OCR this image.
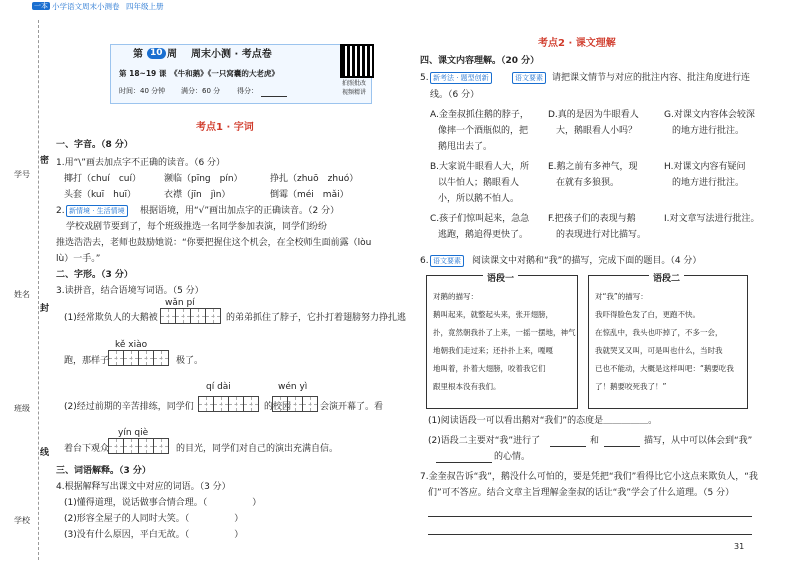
一本 小学语文周末小测卷 四年级上册
密
学号
姓名
封
班级
线
学校
第 10 周 周末小测 · 考点卷
第 18~19 课　《牛和鹅》《一只窝囊的大老虎》
时间：40 分钟 满分：60 分 得分：
拍照批改
视频精讲
考点1 · 字词
一、字音。（8 分）
1.用“\”画去加点字不正确的读音。（6 分）
揶打（chuí　cuí）	濒临（pīng　pín）	挣扎（zhuō　zhuó）
头套（kuī　huī）	衣襟（jīn　jìn）	倒霉（méi　mǎi）
2. 新情境 · 生活情境	根据语境，用“√”画出加点字的正确读音。（2 分）
学校戏剧节要到了，每个班级推选一名同学参加表演，同学们纷纷
推选浩浩去，老师也鼓励她说：“你要把握住这个机会，在全校师生面前露（lòu
lù）一手。”
二、字形。（3 分）
3.读拼音，结合语境写词语。（5 分）
wǎn pí
(1)经常欺负人的大鹅被	的弟弟抓住了脖子，它扑打着翅膀努力挣扎逃
kě xiào
跑，那样子	极了。
qí dài	wén yì
(2)经过前期的辛苦排练，同学们	的校园	会演开幕了。看
yín qiè
着台下观众	的目光，同学们对自己的演出充满自信。
三、词语解释。（3 分）
4.根据解释写出课文中对应的词语。（3 分）
(1)懂得道理，说话做事合情合理。（　　　　　）
(2)形容全屋子的人同时大笑。（　　　　　）
(3)没有什么原因，平白无故。（　　　　　）
考点2 · 课文理解
四、课文内容理解。（20 分）
5. 新考法 · 题型创新	语文要素	请把课文情节与对应的批注内容、批注角度进行连
线。（6 分）
A.金奎叔抓住鹅的脖子，
像摔一个酒瓶似的，把
鹅甩出去了。
D.真的是因为牛眼看人
大，鹅眼看人小吗？
G.对课文内容体会较深
的地方进行批注。
B.大家说牛眼看人大，所
以牛怕人；鹅眼看人
小，所以鹅不怕人。
E.鹅之前有多神气，现
在就有多狼狈。
H.对课文内容有疑问
的地方进行批注。
C.孩子们惊叫起来，急急
逃跑，鹅追得更快了。
F.把孩子们的表现与鹅
的表现进行对比描写。
I.对文章写法进行批注。
6. 语文要素	阅读课文中对鹅和“我”的描写，完成下面的题目。（4 分）
语段一
对鹅的描写：
鹅叫起来，就整起头来，张开翅膀，
扑，竟然朝我扑了上来，一摇一摆地，神气
地朝我们走过来；还扑扑上来，嘎嘎
地叫着，扑着大翅膀，咬着我它们
跟里根本没有我们。
语段二
对“我”的描写：
我吓得脸色发了白，更跑不快。
在惊乱中，我头也吓掉了，不多一会，
我就哭叉又叫，可是叫也什么，当时我
已也不能动，大概是这样叫吧：“鹅要吃我
了！鹅要咬死我了！”
(1)阅读语段一可以看出鹅对“我们”的态度是＿＿＿＿＿。
(2)语段二主要对“我”进行了	和	描写，从中可以体会到“我”
的心情。
7.金奎叔告诉“我”，鹅没什么可怕的，要是凭把“我们”看得比它小这点来欺负人，“我
们”可不答应。结合文章主旨理解金奎叔的话让“我”学会了什么道理。（5 分）
31
